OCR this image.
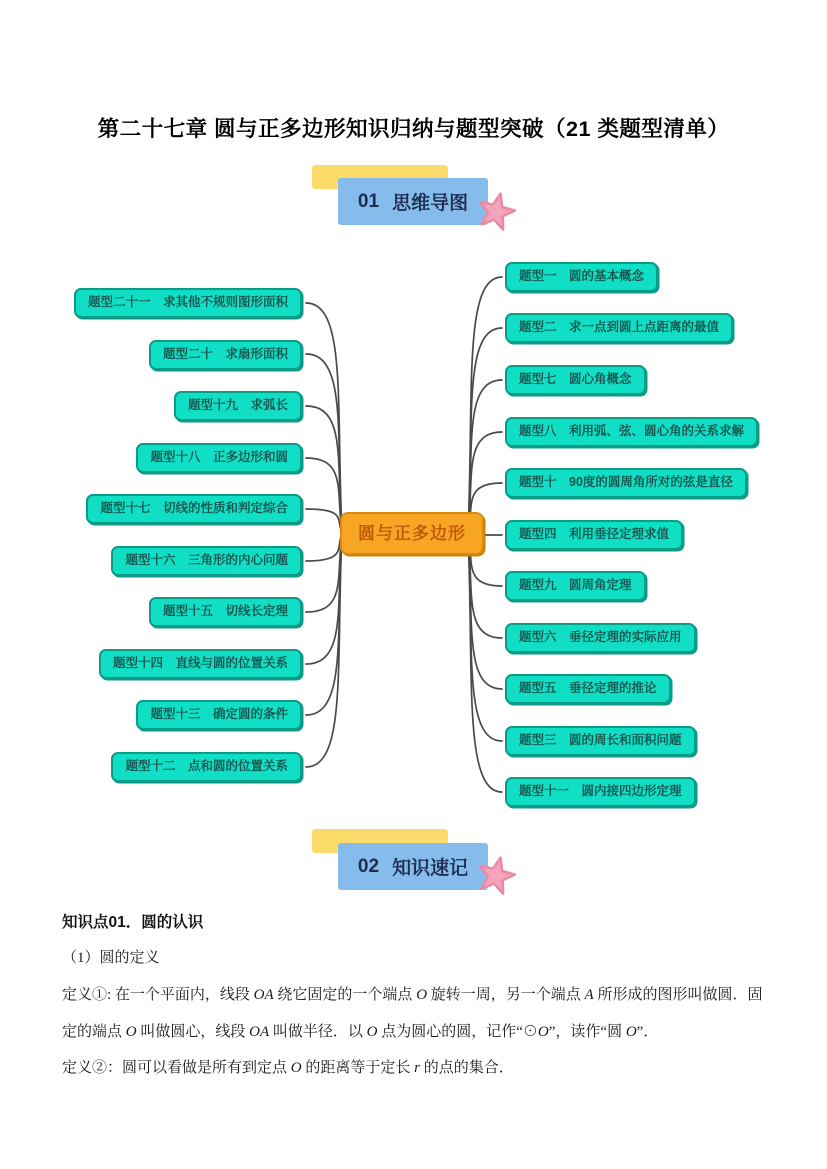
第二十七章 圆与正多边形知识归纳与题型突破（21 类题型清单）
01 思维导图
题型二十一　求其他不规则图形面积
题型二十　求扇形面积
题型十九　求弧长
题型十八　正多边形和圆
题型十七　切线的性质和判定综合
题型十六　三角形的内心问题
题型十五　切线长定理
题型十四　直线与圆的位置关系
题型十三　确定圆的条件
题型十二　点和圆的位置关系
圆与正多边形
题型一　圆的基本概念
题型二　求一点到圆上点距离的最值
题型七　圆心角概念
题型八　利用弧、弦、圆心角的关系求解
题型十　90度的圆周角所对的弦是直径
题型四　利用垂径定理求值
题型九　圆周角定理
题型六　垂径定理的实际应用
题型五　垂径定理的推论
题型三　圆的周长和面积问题
题型十一　圆内接四边形定理
02 知识速记
知识点01．圆的认识
（1）圆的定义

定义①: 在一个平面内，线段 OA 绕它固定的一个端点 O 旋转一周，另一个端点 A 所形成的图形叫做圆．固

定的端点 O 叫做圆心，线段 OA 叫做半径．以 O 点为圆心的圆，记作“⊙O”，读作“圆 O”．

定义②：圆可以看做是所有到定点 O 的距离等于定长 r 的点的集合．
